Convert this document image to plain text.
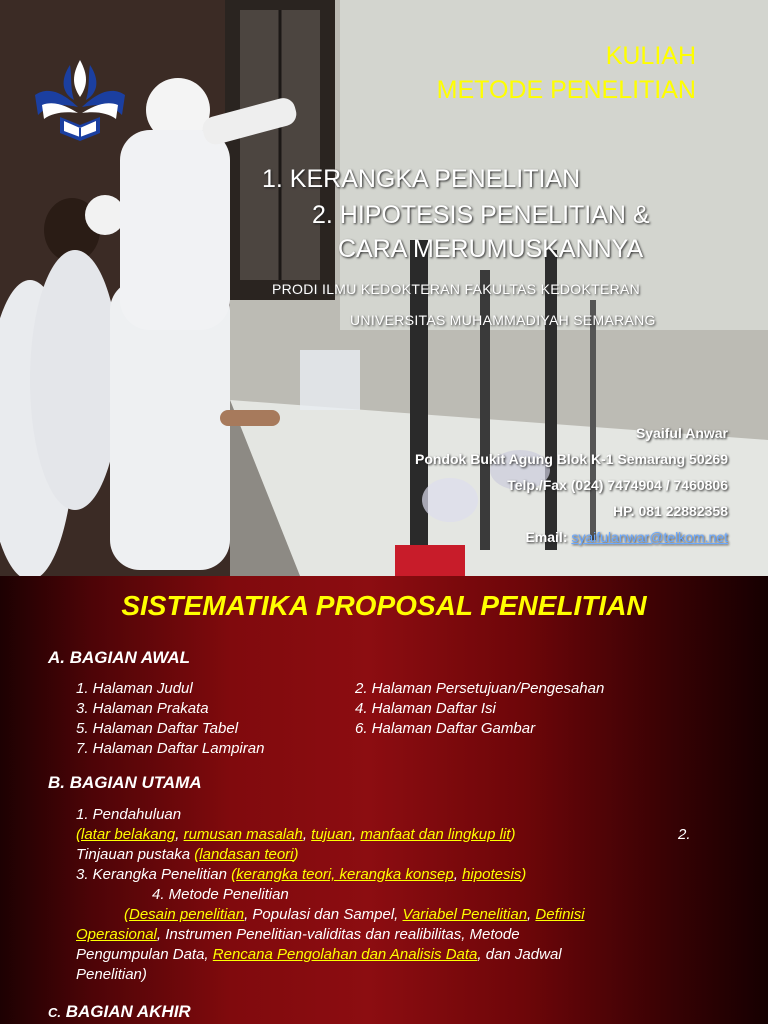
KULIAH
METODE PENELITIAN
1. KERANGKA PENELITIAN
2. HIPOTESIS PENELITIAN &
CARA MERUMUSKANNYA
PRODI ILMU KEDOKTERAN FAKULTAS KEDOKTERAN
UNIVERSITAS MUHAMMADIYAH SEMARANG
Syaiful Anwar
Pondok Bukit Agung Blok K-1 Semarang 50269
Telp./Fax (024) 7474904 / 7460806
HP. 081 22882358
Email: syaifulanwar@telkom.net
SISTEMATIKA PROPOSAL PENELITIAN
A. BAGIAN AWAL
1. Halaman Judul	2. Halaman Persetujuan/Pengesahan
3. Halaman Prakata	4. Halaman Daftar Isi
5. Halaman Daftar Tabel	6. Halaman Daftar Gambar
7. Halaman Daftar Lampiran
B. BAGIAN UTAMA
1. Pendahuluan
(latar belakang, rumusan masalah, tujuan, manfaat dan lingkup lit)	2.
Tinjauan pustaka (landasan teori)
3. Kerangka Penelitian (kerangka teori, kerangka konsep, hipotesis)
4. Metode Penelitian
(Desain penelitian, Populasi dan Sampel, Variabel Penelitian, Definisi
Operasional, Instrumen Penelitian-validitas dan realibilitas, Metode
Pengumpulan Data, Rencana Pengolahan dan Analisis Data, dan Jadwal
Penelitian)
C. BAGIAN AKHIR
